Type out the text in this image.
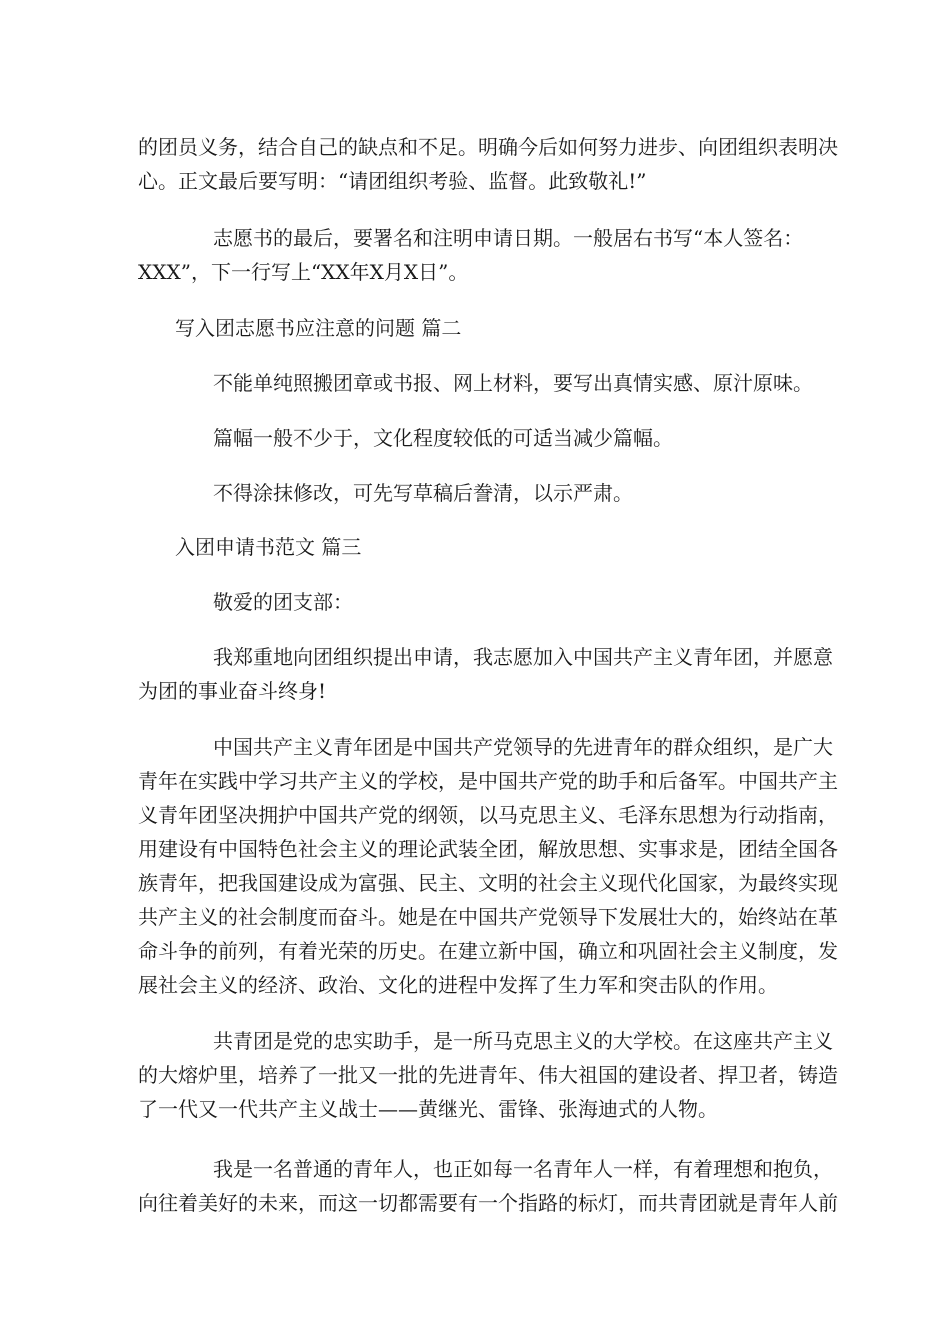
的团员义务，结合自己的缺点和不足。明确今后如何努力进步、向团组织表明决
心。正文最后要写明：“请团组织考验、监督。此致敬礼!”
志愿书的最后，要署名和注明申请日期。一般居右书写“本人签名：
XXX”，下一行写上“XX年X月X日”。

写入团志愿书应注意的问题 篇二

不能单纯照搬团章或书报、网上材料，要写出真情实感、原汁原味。

篇幅一般不少于，文化程度较低的可适当减少篇幅。

不得涂抹修改，可先写草稿后誊清，以示严肃。

入团申请书范文 篇三

敬爱的团支部：

我郑重地向团组织提出申请，我志愿加入中国共产主义青年团，并愿意
为团的事业奋斗终身!
中国共产主义青年团是中国共产党领导的先进青年的群众组织，是广大
青年在实践中学习共产主义的学校，是中国共产党的助手和后备军。中国共产主
义青年团坚决拥护中国共产党的纲领，以马克思主义、毛泽东思想为行动指南，
用建设有中国特色社会主义的理论武装全团，解放思想、实事求是，团结全国各
族青年，把我国建设成为富强、民主、文明的社会主义现代化国家，为最终实现
共产主义的社会制度而奋斗。她是在中国共产党领导下发展壮大的，始终站在革
命斗争的前列，有着光荣的历史。在建立新中国，确立和巩固社会主义制度，发
展社会主义的经济、政治、文化的进程中发挥了生力军和突击队的作用。
共青团是党的忠实助手，是一所马克思主义的大学校。在这座共产主义
的大熔炉里，培养了一批又一批的先进青年、伟大祖国的建设者、捍卫者，铸造
了一代又一代共产主义战士——黄继光、雷锋、张海迪式的人物。
我是一名普通的青年人，也正如每一名青年人一样，有着理想和抱负，
向往着美好的未来，而这一切都需要有一个指路的标灯，而共青团就是青年人前
